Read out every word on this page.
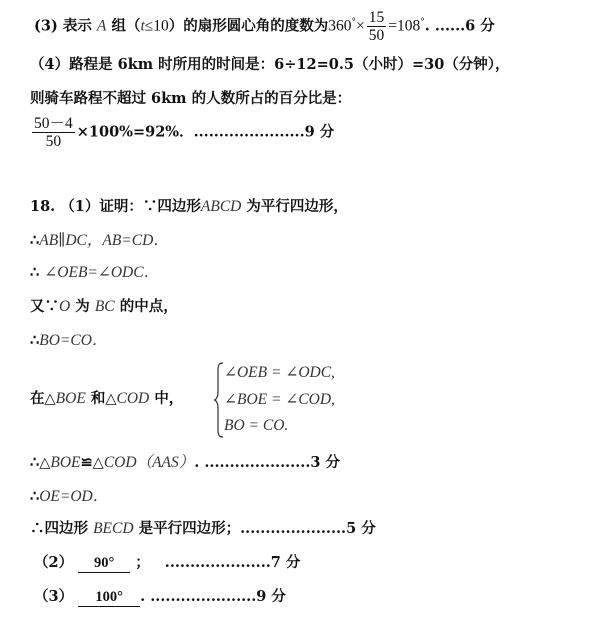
(3) 表示 A 组（t≤10）的扇形圆心角的度数为$360^\circ\times \frac{15}{50} =108^\circ$. ......6 分
（4）路程是 6km 时所用的时间是：6÷12=0.5（小时）=30（分钟），
则骑车路程不超过 6km 的人数所占的百分比是：
$\frac{50-4}{50} \times 100\%=92\%$．......................9 分
18. （1）证明：∵四边形ABCD 为平行四边形，
∴AB∥DC，AB=CD．
∴ ∠OEB=∠ODC．
又∵O 为 BC 的中点，
∴BO=CO．
在△BOE 和△COD 中，
∠OEB = ∠ODC,
∠BOE = ∠COD,
BO = CO.
∴△BOE≌△COD（AAS）. .....................3 分
∴OE=OD．
∴四边形 BECD 是平行四边形；.....................5 分
（2） 90° ； .....................7 分
（3） 100° . .....................9 分
